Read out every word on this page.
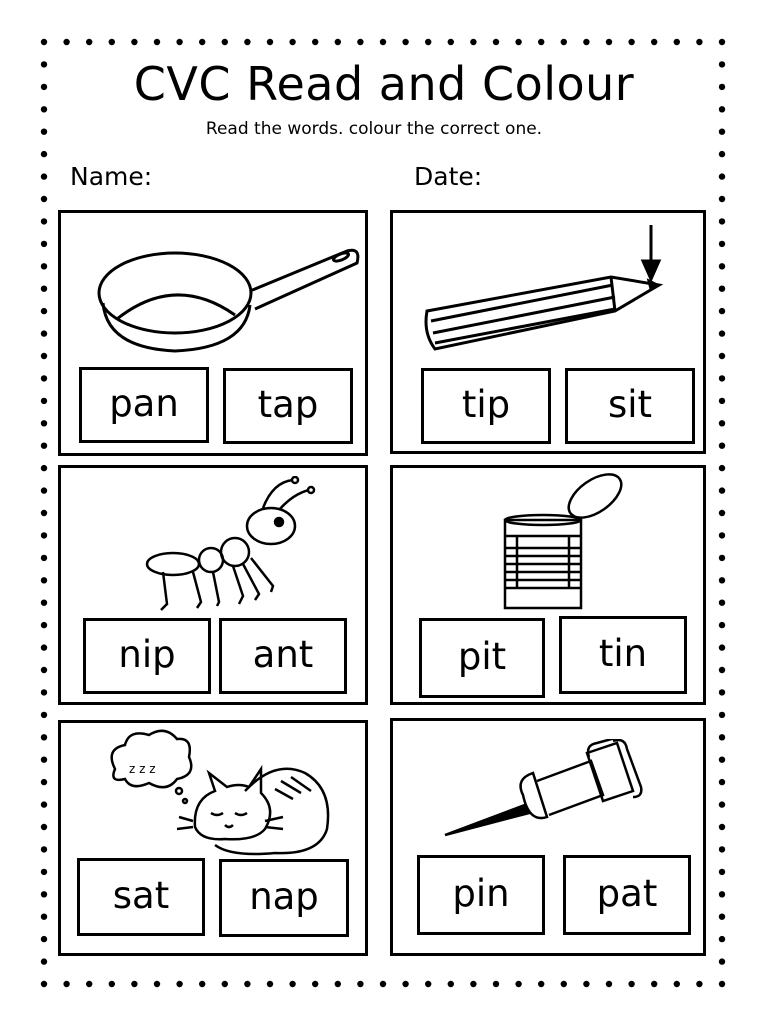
CVC Read and Colour
Read the words. colour the correct one.
Name:	Date:
pan	tap	tip	sit
nip	ant	pit	tin
z z z
sat	nap	pin	pat
